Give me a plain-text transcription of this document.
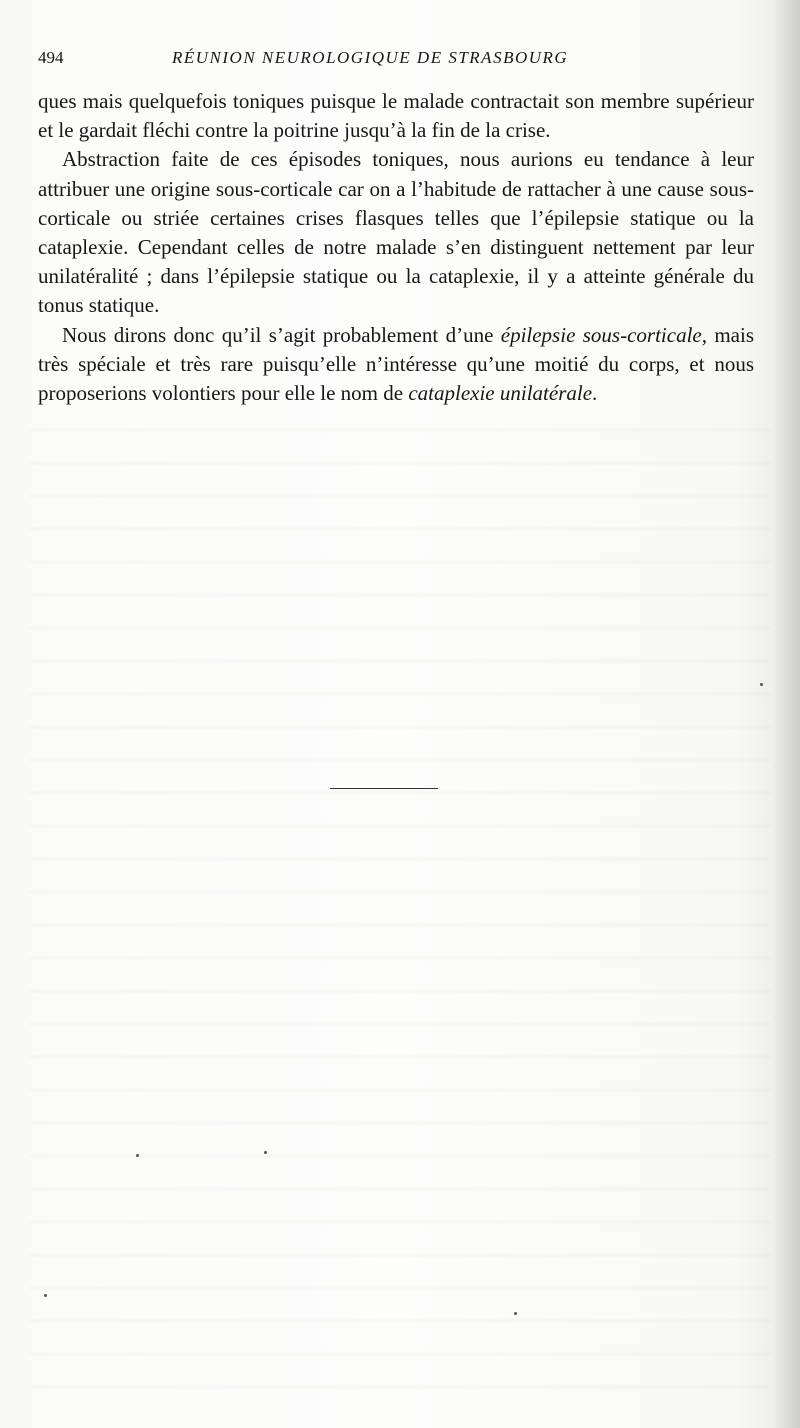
494	RÉUNION NEUROLOGIQUE DE STRASBOURG

ques mais quelquefois toniques puisque le malade contractait son membre supérieur et le gardait fléchi contre la poitrine jusqu’à la fin de la crise.

Abstraction faite de ces épisodes toniques, nous aurions eu tendance à leur attribuer une origine sous-corticale car on a l’habitude de rattacher à une cause sous-corticale ou striée certaines crises flasques telles que l’épilepsie statique ou la cataplexie. Cependant celles de notre malade s’en distinguent nettement par leur unilatéralité ; dans l’épilepsie statique ou la cataplexie, il y a atteinte générale du tonus statique.

Nous dirons donc qu’il s’agit probablement d’une épilepsie sous-corticale, mais très spéciale et très rare puisqu’elle n’intéresse qu’une moitié du corps, et nous proposerions volontiers pour elle le nom de cataplexie unilatérale.
